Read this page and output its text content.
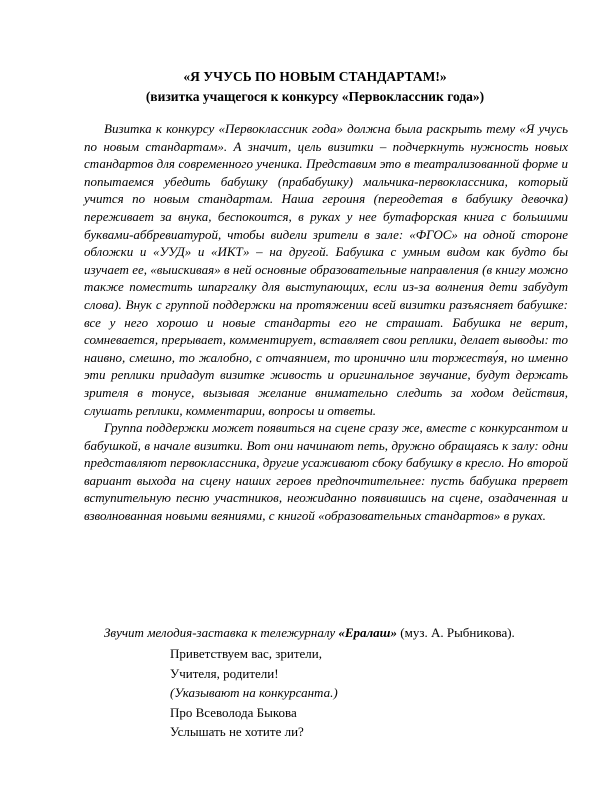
«Я УЧУСЬ ПО НОВЫМ СТАНДАРТАМ!»
(визитка учащегося к конкурсу «Первоклассник года»)

Визитка к конкурсу «Первоклассник года» должна была раскрыть тему «Я учусь по новым стандартам». А значит, цель визитки – подчеркнуть нужность новых стандартов для современного ученика. Представим это в театрализованной форме и попытаемся убедить бабушку (прабабушку) мальчика-первоклассника, который учится по новым стандартам. Наша героиня (переодетая в бабушку девочка) переживает за внука, беспокоится, в руках у нее бутафорская книга с большими буквами-аббревиатурой, чтобы видели зрители в зале: «ФГОС» на одной стороне обложки и «УУД» и «ИКТ» – на другой. Бабушка с умным видом как будто бы изучает ее, «выискивая» в ней основные образовательные направления (в книгу можно также поместить шпаргалку для выступающих, если из-за волнения дети забудут слова). Внук с группой поддержки на протяжении всей визитки разъясняет бабушке: все у него хорошо и новые стандарты его не страшат. Бабушка не верит, сомневается, прерывает, комментирует, вставляет свои реплики, делает выводы: то наивно, смешно, то жалобно, с отчаянием, то иронично или торжеству́я, но именно эти реплики придадут визитке живость и оригинальное звучание, будут держать зрителя в тонусе, вызывая желание внимательно следить за ходом действия, слушать реплики, комментарии, вопросы и ответы.

Группа поддержки может появиться на сцене сразу же, вместе с конкурсантом и бабушкой, в начале визитки. Вот они начинают петь, дружно обращаясь к залу: одни представляют первоклассника, другие усаживают сбоку бабушку в кресло. Но второй вариант выхода на сцену наших героев предпочтительнее: пусть бабушка прервет вступительную песню участников, неожиданно появившись на сцене, озадаченная и взволнованная новыми веяниями, с книгой «образовательных стандартов» в руках.

Звучит мелодия-заставка к тележурналу «Ералаш» (муз. А. Рыбникова).
Приветствуем вас, зрители,
Учителя, родители!
(Указывают на конкурсанта.)
Про Всеволода Быкова
Услышать не хотите ли?
